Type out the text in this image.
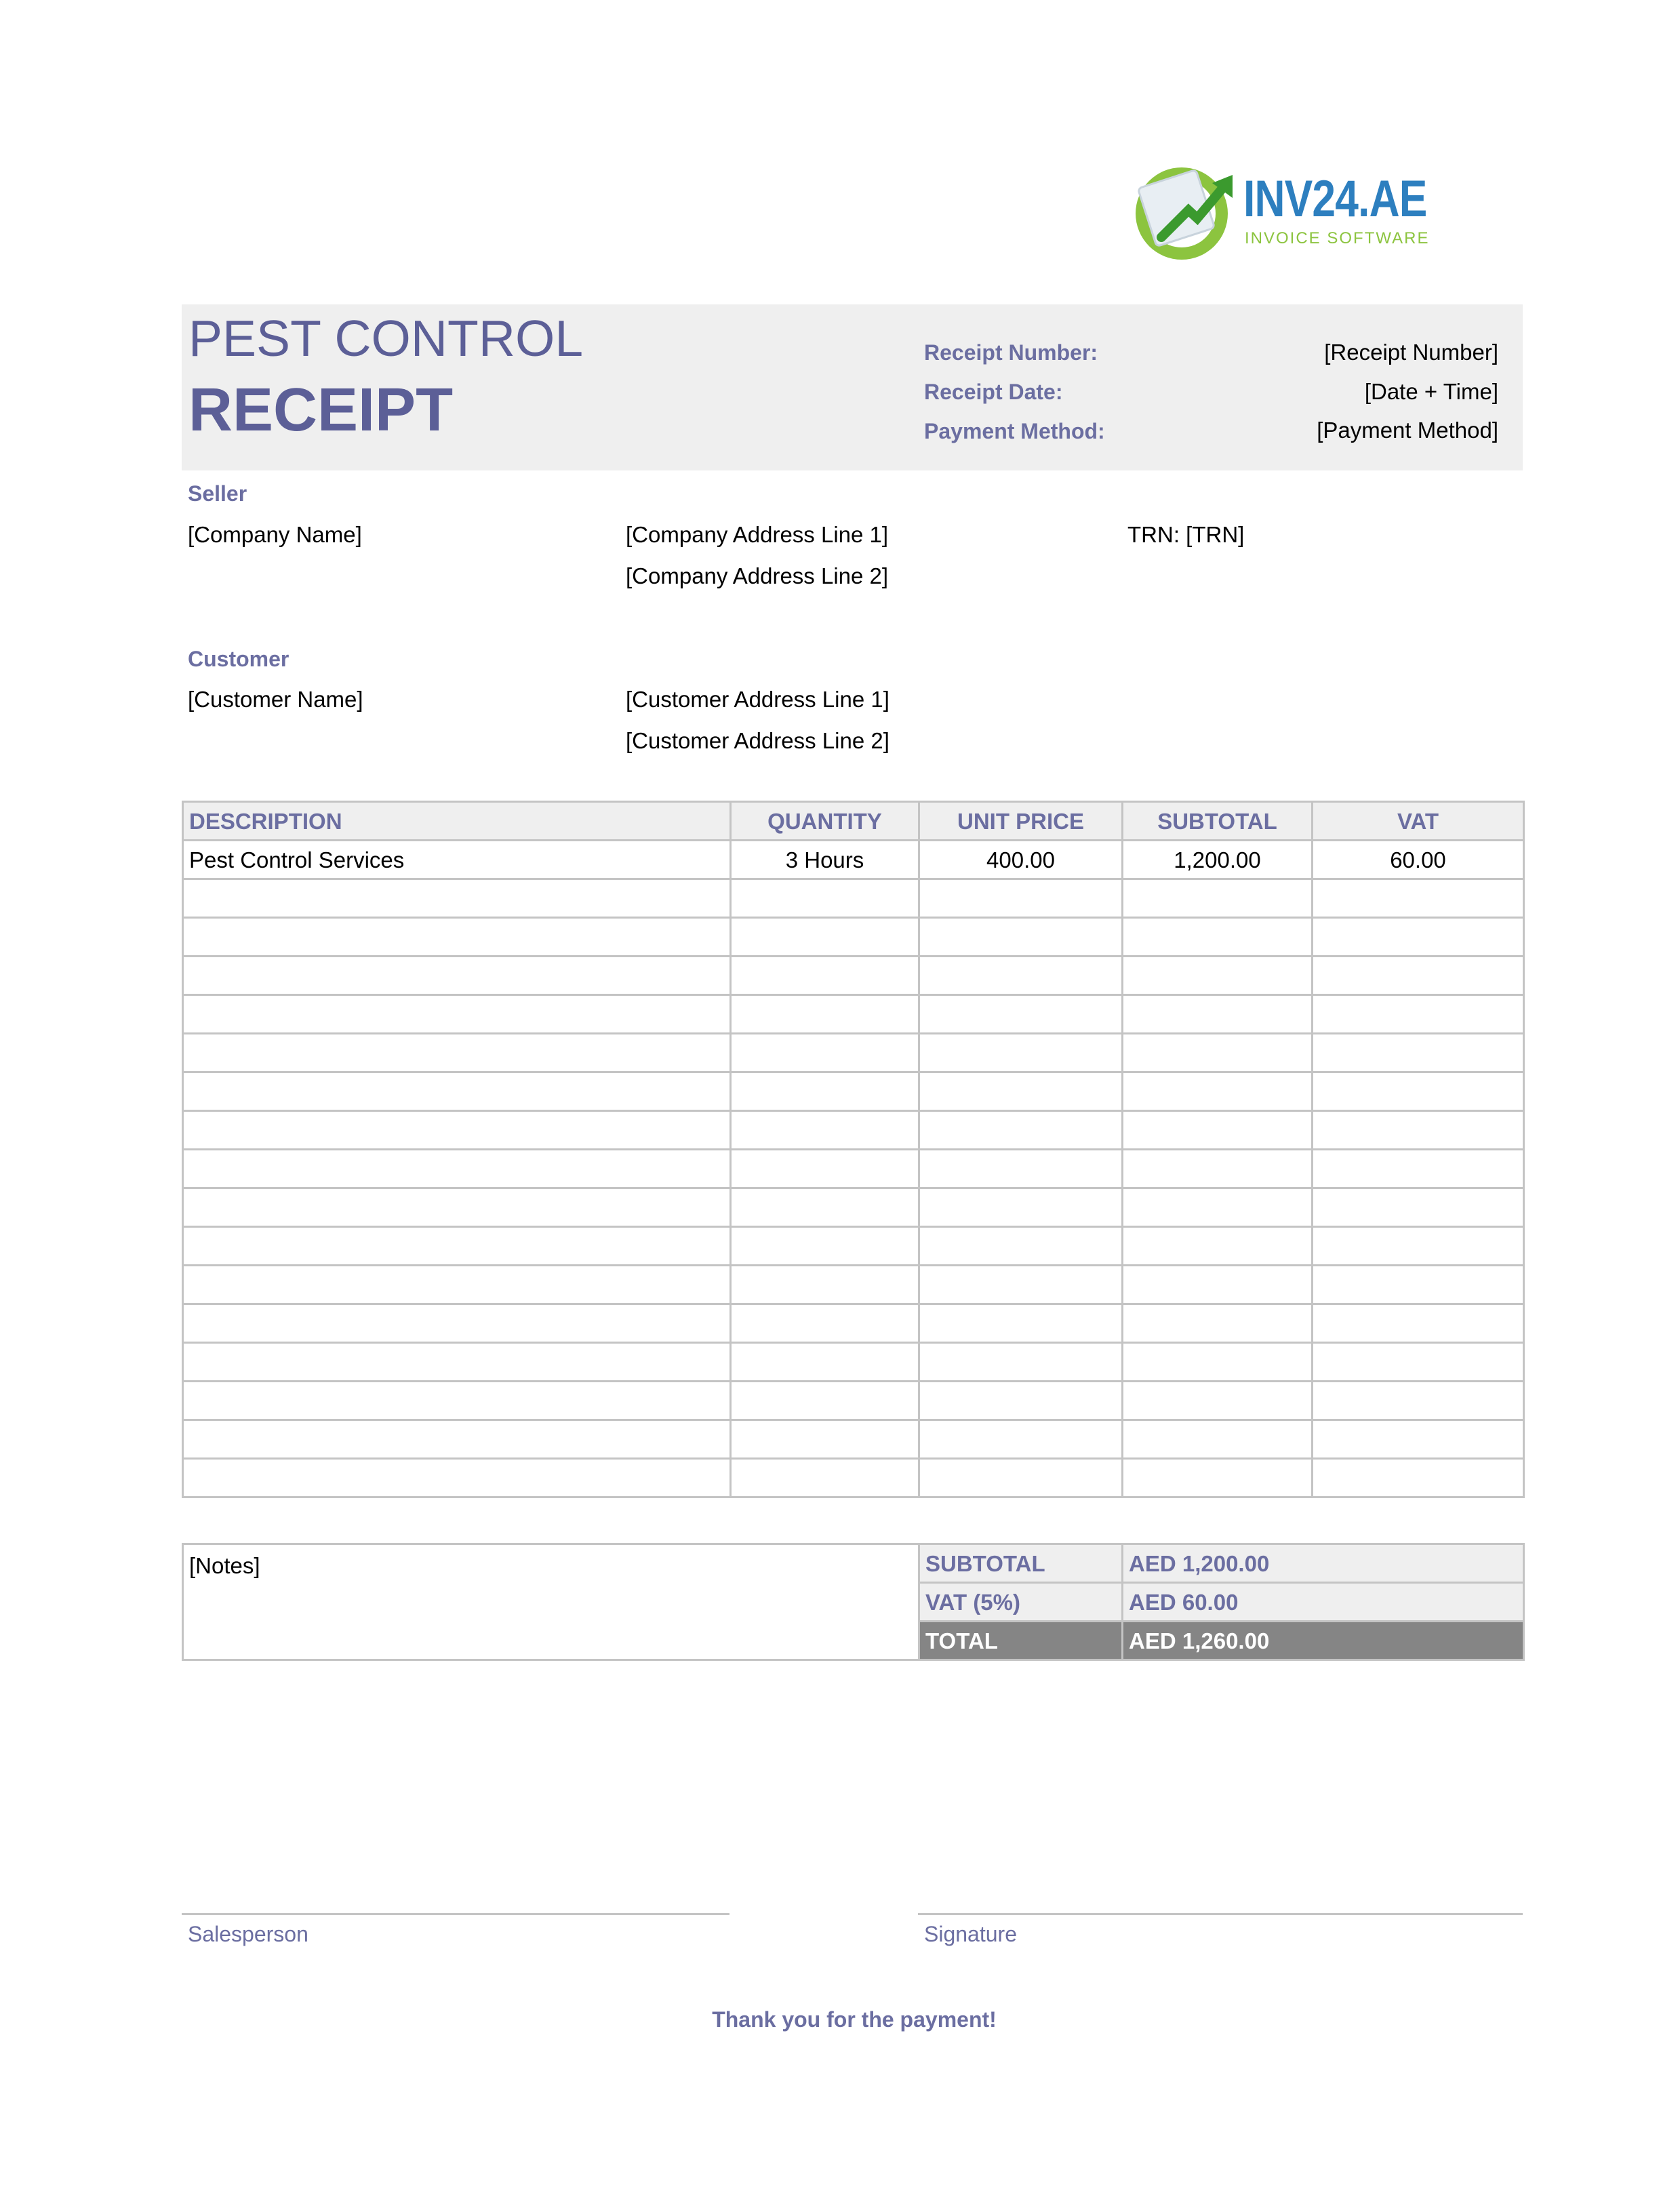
INV24.AE
INVOICE SOFTWARE
PEST CONTROL
RECEIPT
Receipt Number:	[Receipt Number]
Receipt Date:	[Date + Time]
Payment Method:	[Payment Method]
Seller
[Company Name]	[Company Address Line 1]
[Company Address Line 2]
TRN: [TRN]
Customer
[Customer Name]	[Customer Address Line 1]
[Customer Address Line 2]
DESCRIPTION	QUANTITY	UNIT PRICE	SUBTOTAL	VAT
Pest Control Services	3 Hours	400.00	1,200.00	60.00

[Notes]	SUBTOTAL	AED 1,200.00
	VAT (5%)	AED 60.00
	TOTAL	AED 1,260.00
Salesperson	Signature
Thank you for the payment!
